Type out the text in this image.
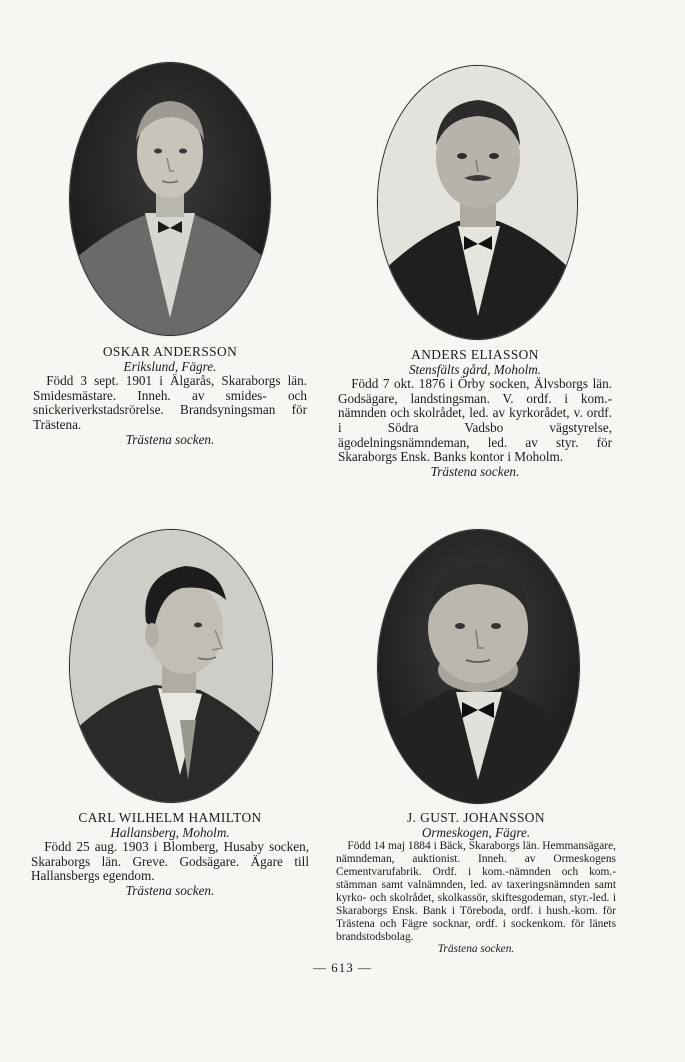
OSKAR ANDERSSON
Erikslund, Fägre.
Född 3 sept. 1901 i Älgarås, Skaraborgs län. Smidesmästare. Inneh. av smides- och snickeriverkstadsrörelse. Brandsyningsman för Trästena.
Trästena socken.
ANDERS ELIASSON
Stensfälts gård, Moholm.
Född 7 okt. 1876 i Örby socken, Älvsborgs län. Godsägare, landstingsman. V. ordf. i kom.-nämnden och skolrådet, led. av kyrkorådet, v. ordf. i Södra Vadsbo vägstyrelse, ägodelningsnämndeman, led. av styr. för Skaraborgs Ensk. Banks kontor i Moholm.
Trästena socken.
CARL WILHELM HAMILTON
Hallansberg, Moholm.
Född 25 aug. 1903 i Blomberg, Husaby socken, Skaraborgs län. Greve. Godsägare. Ägare till Hallansbergs egendom.
Trästena socken.
J. GUST. JOHANSSON
Ormeskogen, Fägre.
Född 14 maj 1884 i Bäck, Skaraborgs län. Hemmansägare, nämndeman, auktionist. Inneh. av Ormeskogens Cementvarufabrik. Ordf. i kom.-nämnden och kom.-stämman samt valnämnden, led. av taxeringsnämnden samt kyrko- och skolrådet, skolkassör, skiftesgodeman, styr.-led. i Skaraborgs Ensk. Bank i Töreboda, ordf. i hush.-kom. för Trästena och Fägre socknar, ordf. i sockenkom. för länets brandstodsbolag.
Trästena socken.
— 613 —
